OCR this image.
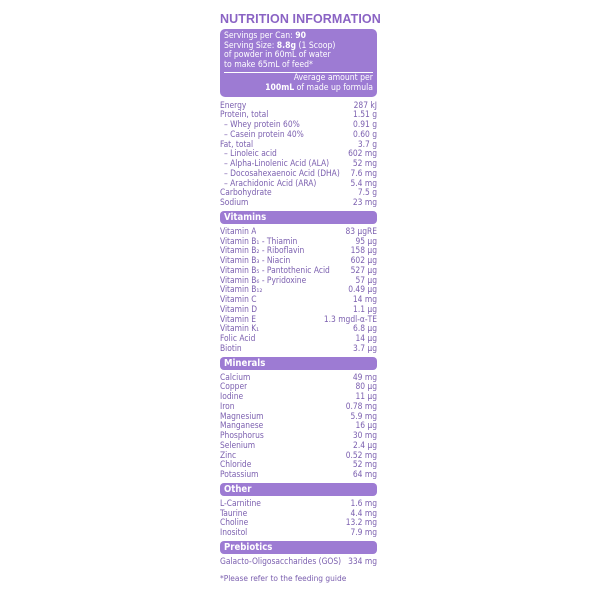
NUTRITION INFORMATION
Servings per Can: 90
Serving Size: 8.8g (1 Scoop)
of powder in 60mL of water
to make 65mL of feed*
Average amount per
100mL of made up formula
Energy	287 kJ
Protein, total	1.51 g
– Whey protein 60%	0.91 g
– Casein protein 40%	0.60 g
Fat, total	3.7 g
– Linoleic acid	602 mg
– Alpha-Linolenic Acid (ALA)	52 mg
– Docosahexaenoic Acid (DHA) 7.6 mg
– Arachidonic Acid (ARA)	5.4 mg
Carbohydrate	7.5 g
Sodium	23 mg
Vitamins
Vitamin A	83 µgRE
Vitamin B₁ - Thiamin	95 µg
Vitamin B₂ - Riboflavin	158 µg
Vitamin B₃ - Niacin	602 µg
Vitamin B₅ - Pantothenic Acid 527 µg
Vitamin B₆ - Pyridoxine	57 µg
Vitamin B₁₂	0.49 µg
Vitamin C	14 mg
Vitamin D	1.1 µg
Vitamin E	1.3 mgdl-α-TE
Vitamin K₁	6.8 µg
Folic Acid	14 µg
Biotin	3.7 µg
Minerals
Calcium	49 mg
Copper	80 µg
Iodine	11 µg
Iron	0.78 mg
Magnesium	5.9 mg
Manganese	16 µg
Phosphorus	30 mg
Selenium	2.4 µg
Zinc	0.52 mg
Chloride	52 mg
Potassium	64 mg
Other
L-Carnitine	1.6 mg
Taurine	4.4 mg
Choline	13.2 mg
Inositol	7.9 mg
Prebiotics
Galacto-Oligosaccharides (GOS) 334 mg
*Please refer to the feeding guide
